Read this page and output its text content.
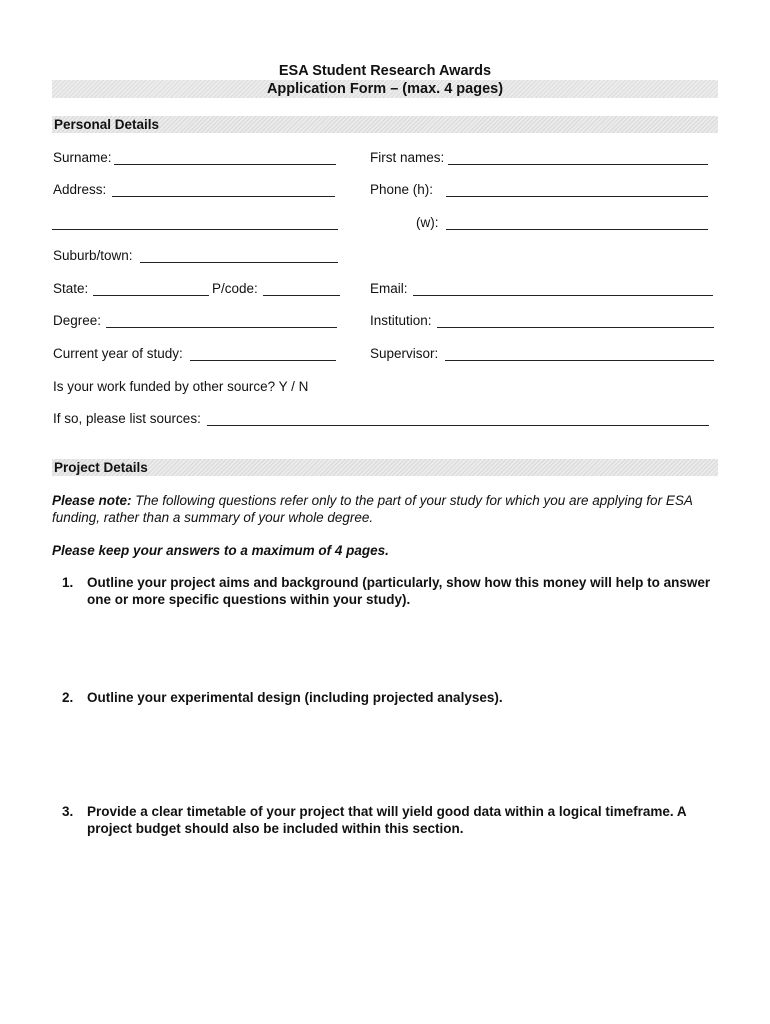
ESA Student Research Awards
Application Form – (max. 4 pages)
Personal Details
Surname:	First names:
Address:	Phone (h):
(w):
Suburb/town:
State:	P/code:	Email:
Degree:	Institution:
Current year of study:	Supervisor:
Is your work funded by other source? Y / N
If so, please list sources:
Project Details
Please note: The following questions refer only to the part of your study for which you are applying for ESA funding, rather than a summary of your whole degree.
Please keep your answers to a maximum of 4 pages.
1. Outline your project aims and background (particularly, show how this money will help to answer one or more specific questions within your study).
2. Outline your experimental design (including projected analyses).
3. Provide a clear timetable of your project that will yield good data within a logical timeframe. A project budget should also be included within this section.
